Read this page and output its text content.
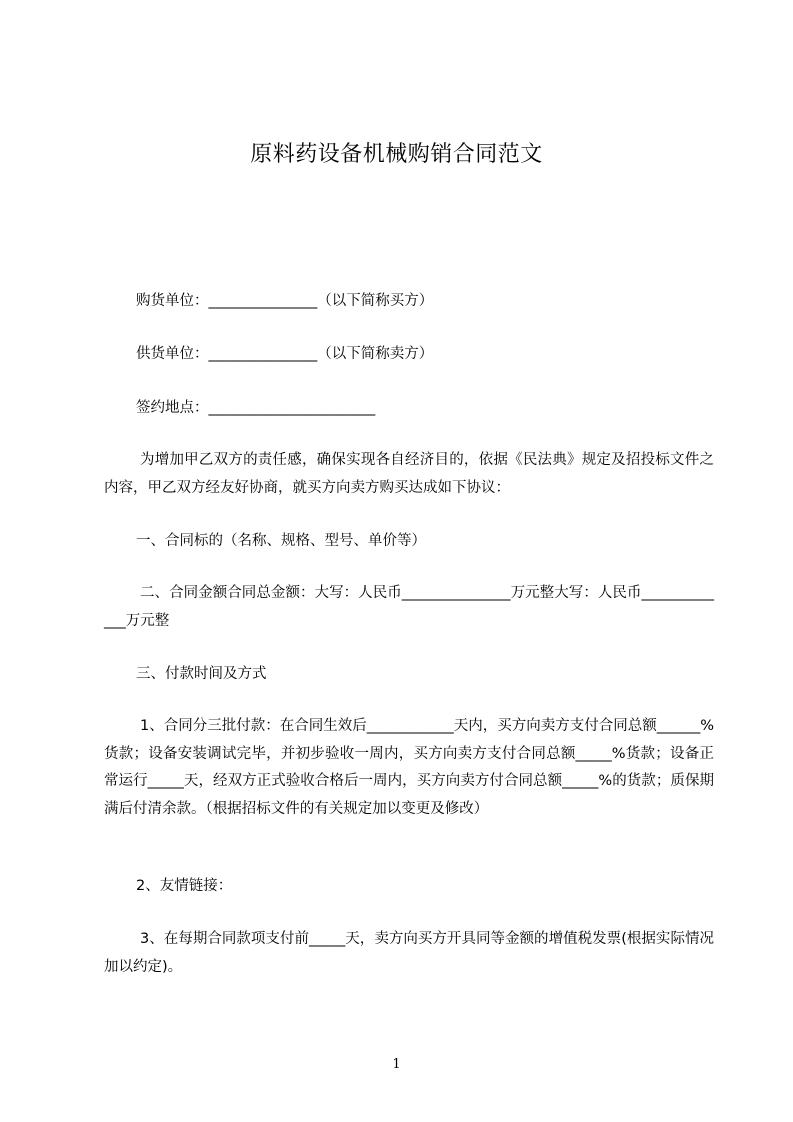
原料药设备机械购销合同范文
购货单位：_______________（以下简称买方）
供货单位：_______________（以下简称卖方）
签约地点：_______________________
为增加甲乙双方的责任感，确保实现各自经济目的，依据《民法典》规定及招投标文件之内容，甲乙双方经友好协商，就买方向卖方购买达成如下协议：
一、合同标的（名称、规格、型号、单价等）
二、合同金额合同总金额：大写：人民币_______________万元整大写：人民币_____________万元整
三、付款时间及方式
1、合同分三批付款：在合同生效后____________天内，买方向卖方支付合同总额______%货款；设备安装调试完毕，并初步验收一周内，买方向卖方支付合同总额_____%货款；设备正常运行_____天，经双方正式验收合格后一周内，买方向卖方付合同总额_____%的货款；质保期满后付清余款。（根据招标文件的有关规定加以变更及修改）
2、友情链接：
3、在每期合同款项支付前_____天，卖方向买方开具同等金额的增值税发票(根据实际情况加以约定)。
1
